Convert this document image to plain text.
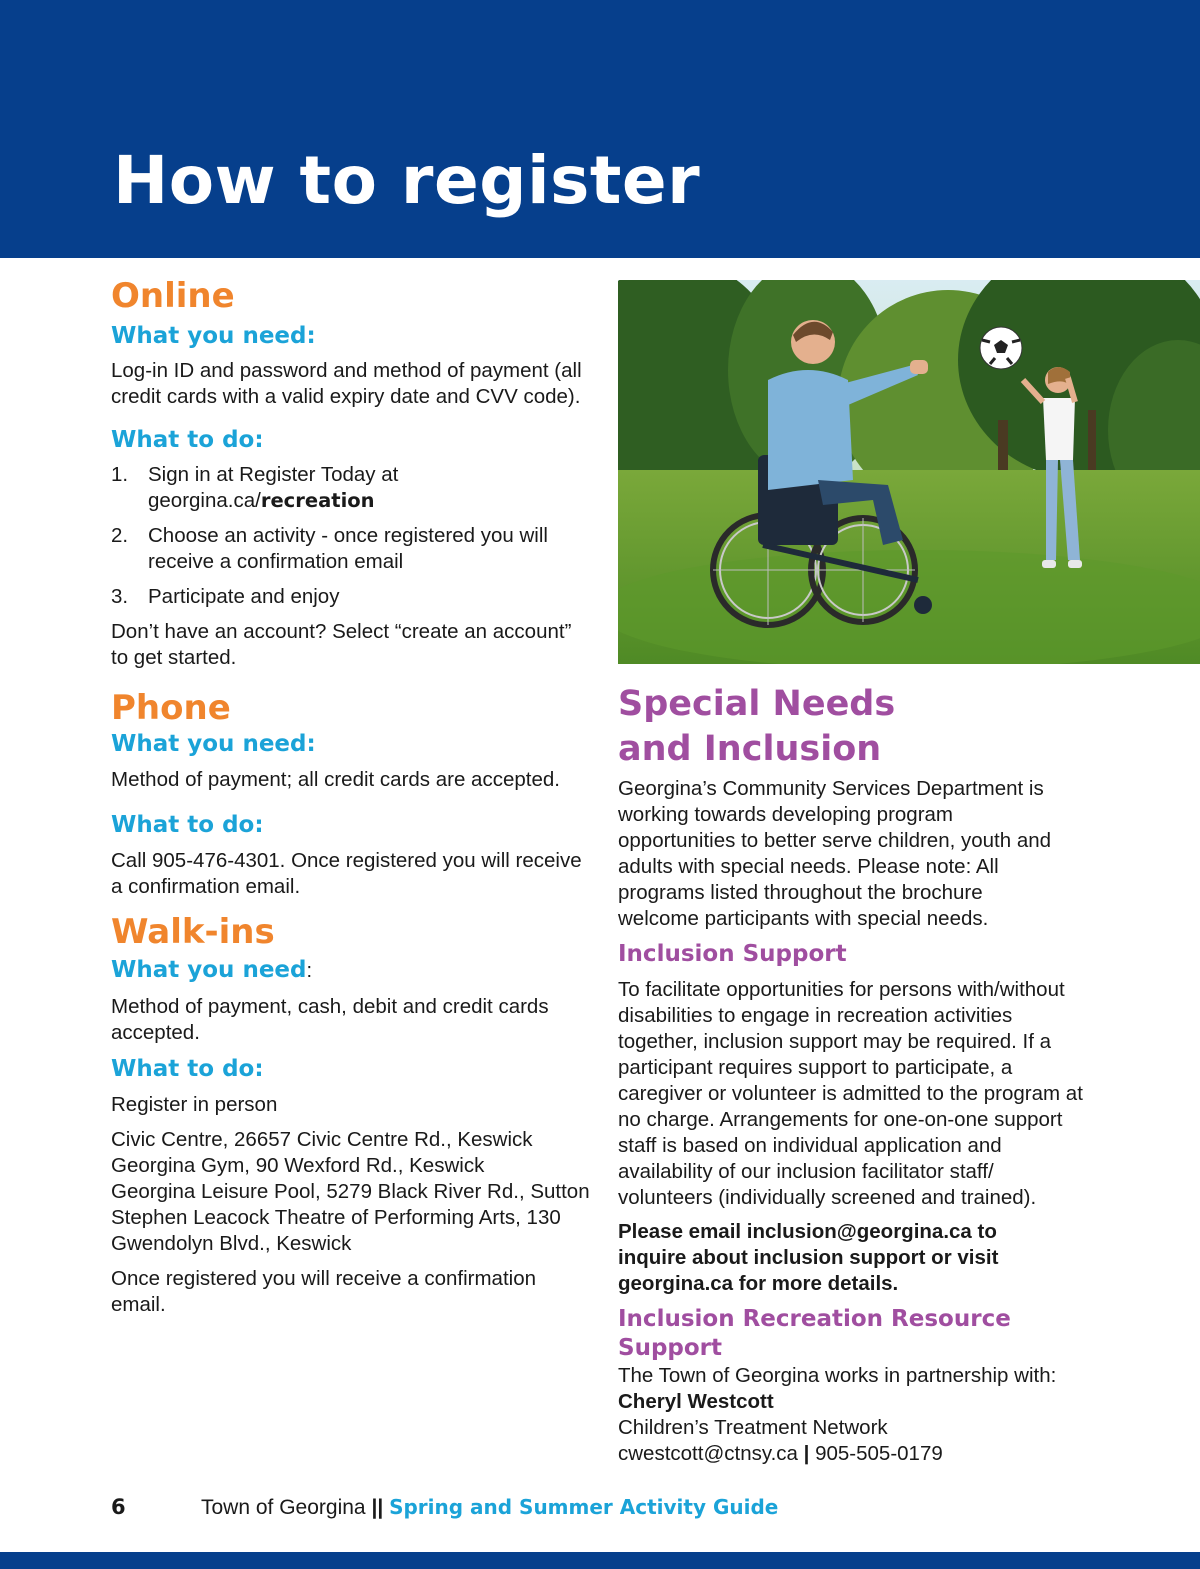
How to register
Online
What you need:

Log-in ID and password and method of payment (all credit cards with a valid expiry date and CVV code).

What to do:
1. Sign in at Register Today at georgina.ca/recreation
2. Choose an activity - once registered you will receive a confirmation email
3. Participate and enjoy

Don’t have an account? Select “create an account” to get started.

Phone
What you need:

Method of payment; all credit cards are accepted.

What to do:

Call 905-476-4301. Once registered you will receive a confirmation email.

Walk-ins
What you need:

Method of payment, cash, debit and credit cards accepted.

What to do:

Register in person

Civic Centre, 26657 Civic Centre Rd., Keswick

Georgina Gym, 90 Wexford Rd., Keswick

Georgina Leisure Pool, 5279 Black River Rd., Sutton

Stephen Leacock Theatre of Performing Arts, 130 Gwendolyn Blvd., Keswick

Once registered you will receive a confirmation email.

Special Needs
and Inclusion

Georgina’s Community Services Department is working towards developing program opportunities to better serve children, youth and adults with special needs. Please note: All programs listed throughout the brochure welcome participants with special needs.

Inclusion Support

To facilitate opportunities for persons with/without disabilities to engage in recreation activities together, inclusion support may be required. If a participant requires support to participate, a caregiver or volunteer is admitted to the program at no charge. Arrangements for one-on-one support staff is based on individual application and availability of our inclusion facilitator staff/ volunteers (individually screened and trained).

Please email inclusion@georgina.ca to inquire about inclusion support or visit georgina.ca for more details.

Inclusion Recreation Resource Support

The Town of Georgina works in partnership with:

Cheryl Westcott

Children’s Treatment Network

cwestcott@ctnsy.ca | 905-505-0179

6	Town of Georgina || Spring and Summer Activity Guide
